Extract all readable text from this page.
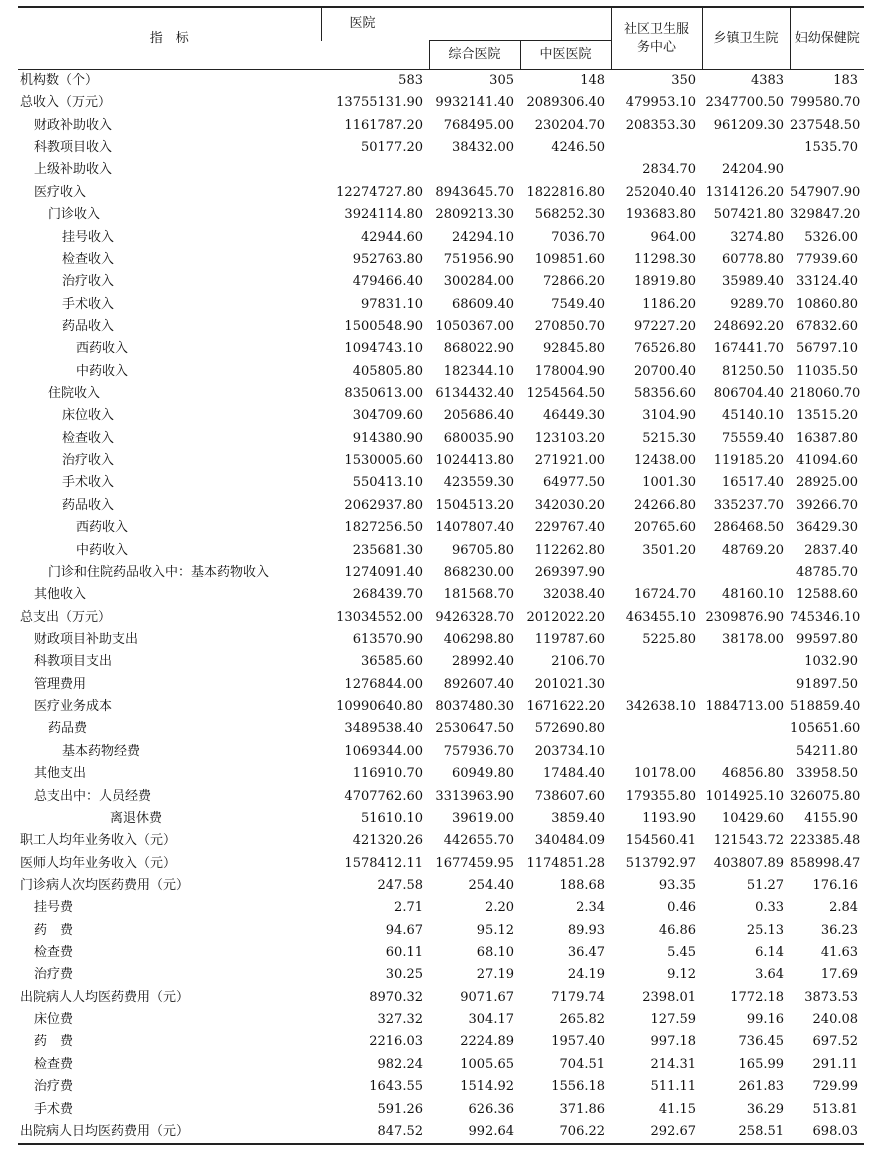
指　标	医院			社区卫生服务中心	乡镇卫生院	妇幼保健院
		综合医院	中医医院			
机构数（个）	583	305	148	350	4383	183
总收入（万元）	13755131.90	9932141.40	2089306.40	479953.10	2347700.50	799580.70
财政补助收入	1161787.20	768495.00	230204.70	208353.30	961209.30	237548.50
科教项目收入	50177.20	38432.00	4246.50			1535.70
上级补助收入				2834.70	24204.90	
医疗收入	12274727.80	8943645.70	1822816.80	252040.40	1314126.20	547907.90
门诊收入	3924114.80	2809213.30	568252.30	193683.80	507421.80	329847.20
挂号收入	42944.60	24294.10	7036.70	964.00	3274.80	5326.00
检查收入	952763.80	751956.90	109851.60	11298.30	60778.80	77939.60
治疗收入	479466.40	300284.00	72866.20	18919.80	35989.40	33124.40
手术收入	97831.10	68609.40	7549.40	1186.20	9289.70	10860.80
药品收入	1500548.90	1050367.00	270850.70	97227.20	248692.20	67832.60
西药收入	1094743.10	868022.90	92845.80	76526.80	167441.70	56797.10
中药收入	405805.80	182344.10	178004.90	20700.40	81250.50	11035.50
住院收入	8350613.00	6134432.40	1254564.50	58356.60	806704.40	218060.70
床位收入	304709.60	205686.40	46449.30	3104.90	45140.10	13515.20
检查收入	914380.90	680035.90	123103.20	5215.30	75559.40	16387.80
治疗收入	1530005.60	1024413.80	271921.00	12438.00	119185.20	41094.60
手术收入	550413.10	423559.30	64977.50	1001.30	16517.40	28925.00
药品收入	2062937.80	1504513.20	342030.20	24266.80	335237.70	39266.70
西药收入	1827256.50	1407807.40	229767.40	20765.60	286468.50	36429.30
中药收入	235681.30	96705.80	112262.80	3501.20	48769.20	2837.40
门诊和住院药品收入中：基本药物收入	1274091.40	868230.00	269397.90			48785.70
其他收入	268439.70	181568.70	32038.40	16724.70	48160.10	12588.60
总支出（万元）	13034552.00	9426328.70	2012022.20	463455.10	2309876.90	745346.10
财政项目补助支出	613570.90	406298.80	119787.60	5225.80	38178.00	99597.80
科教项目支出	36585.60	28992.40	2106.70			1032.90
管理费用	1276844.00	892607.40	201021.30			91897.50
医疗业务成本	10990640.80	8037480.30	1671622.20	342638.10	1884713.00	518859.40
药品费	3489538.40	2530647.50	572690.80			105651.60
基本药物经费	1069344.00	757936.70	203734.10			54211.80
其他支出	116910.70	60949.80	17484.40	10178.00	46856.80	33958.50
总支出中：人员经费	4707762.60	3313963.90	738607.60	179355.80	1014925.10	326075.80
离退休费	51610.10	39619.00	3859.40	1193.90	10429.60	4155.90
职工人均年业务收入（元）	421320.26	442655.70	340484.09	154560.41	121543.72	223385.48
医师人均年业务收入（元）	1578412.11	1677459.95	1174851.28	513792.97	403807.89	858998.47
门诊病人次均医药费用（元）	247.58	254.40	188.68	93.35	51.27	176.16
挂号费	2.71	2.20	2.34	0.46	0.33	2.84
药　费	94.67	95.12	89.93	46.86	25.13	36.23
检查费	60.11	68.10	36.47	5.45	6.14	41.63
治疗费	30.25	27.19	24.19	9.12	3.64	17.69
出院病人人均医药费用（元）	8970.32	9071.67	7179.74	2398.01	1772.18	3873.53
床位费	327.32	304.17	265.82	127.59	99.16	240.08
药　费	2216.03	2224.89	1957.40	997.18	736.45	697.52
检查费	982.24	1005.65	704.51	214.31	165.99	291.11
治疗费	1643.55	1514.92	1556.18	511.11	261.83	729.99
手术费	591.26	626.36	371.86	41.15	36.29	513.81
出院病人日均医药费用（元）	847.52	992.64	706.22	292.67	258.51	698.03
